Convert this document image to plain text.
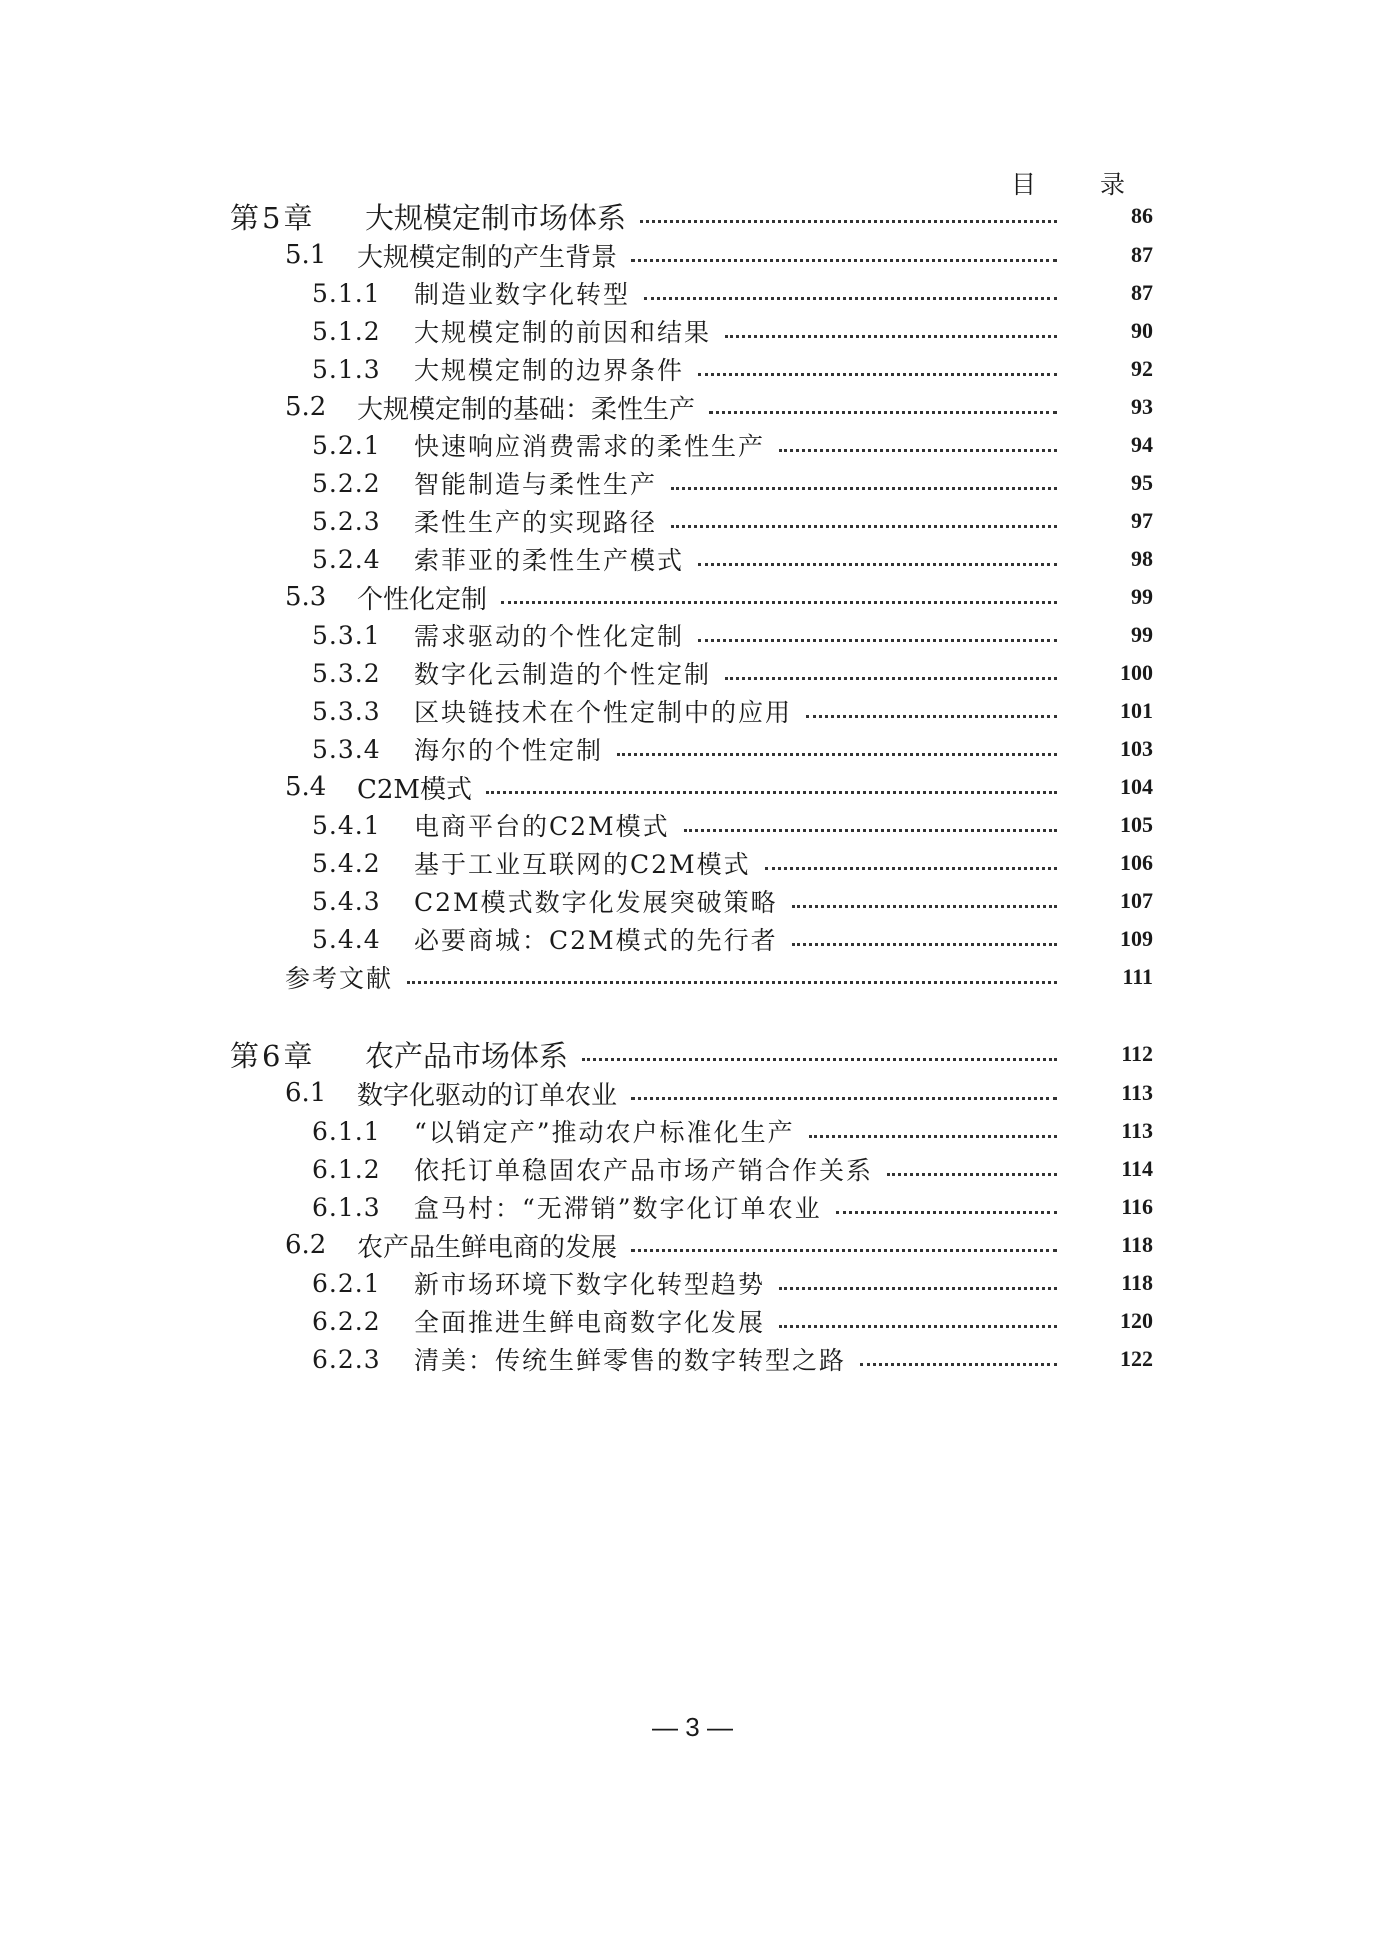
目 录
第5章	大规模定制市场体系	86
5.1	大规模定制的产生背景	87
5.1.1	制造业数字化转型	87
5.1.2	大规模定制的前因和结果	90
5.1.3	大规模定制的边界条件	92
5.2	大规模定制的基础：柔性生产	93
5.2.1	快速响应消费需求的柔性生产	94
5.2.2	智能制造与柔性生产	95
5.2.3	柔性生产的实现路径	97
5.2.4	索菲亚的柔性生产模式	98
5.3	个性化定制	99
5.3.1	需求驱动的个性化定制	99
5.3.2	数字化云制造的个性定制	100
5.3.3	区块链技术在个性定制中的应用	101
5.3.4	海尔的个性定制	103
5.4	C2M模式	104
5.4.1	电商平台的C2M模式	105
5.4.2	基于工业互联网的C2M模式	106
5.4.3	C2M模式数字化发展突破策略	107
5.4.4	必要商城：C2M模式的先行者	109
参考文献	111
第6章	农产品市场体系	112
6.1	数字化驱动的订单农业	113
6.1.1	“以销定产”推动农户标准化生产	113
6.1.2	依托订单稳固农产品市场产销合作关系	114
6.1.3	盒马村：“无滞销”数字化订单农业	116
6.2	农产品生鲜电商的发展	118
6.2.1	新市场环境下数字化转型趋势	118
6.2.2	全面推进生鲜电商数字化发展	120
6.2.3	清美：传统生鲜零售的数字转型之路	122
— 3 —
